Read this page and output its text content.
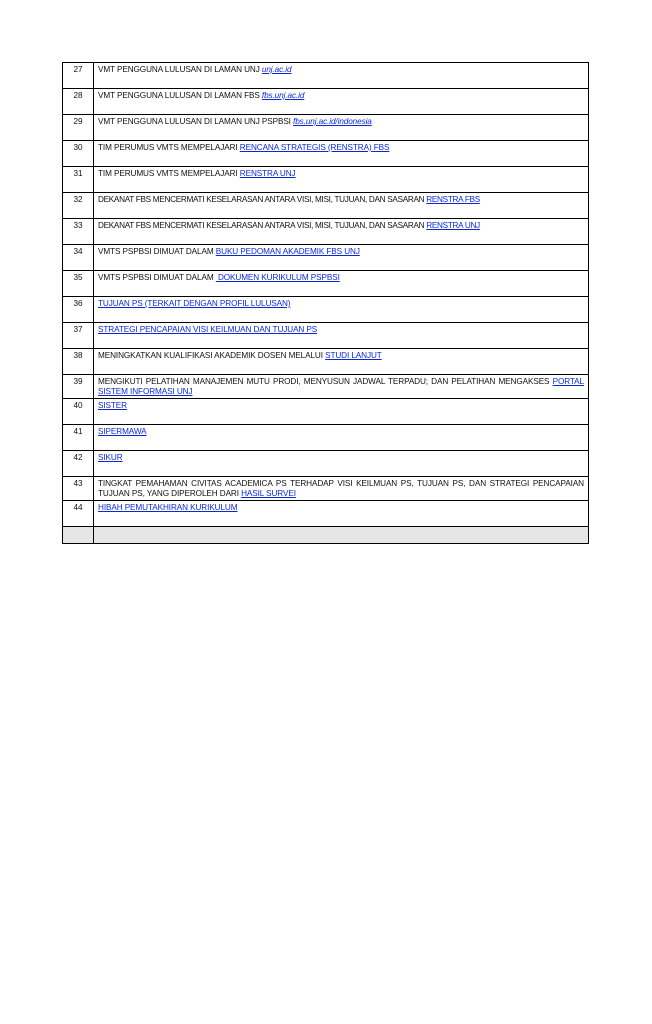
27	VMT PENGGUNA LULUSAN DI LAMAN UNJ unj.ac.id
28	VMT PENGGUNA LULUSAN DI LAMAN FBS fbs.unj.ac.id
29	VMT PENGGUNA LULUSAN DI LAMAN UNJ PSPBSI fbs.unj.ac.id/indonesia
30	TIM PERUMUS VMTS MEMPELAJARI RENCANA STRATEGIS (RENSTRA) FBS
31	TIM PERUMUS VMTS MEMPELAJARI RENSTRA UNJ
32	DEKANAT FBS MENCERMATI KESELARASAN ANTARA VISI, MISI, TUJUAN, DAN SASARAN RENSTRA FBS
33	DEKANAT FBS MENCERMATI KESELARASAN ANTARA VISI, MISI, TUJUAN, DAN SASARAN RENSTRA UNJ
34	VMTS PSPBSI DIMUAT DALAM BUKU PEDOMAN AKADEMIK FBS UNJ
35	VMTS PSPBSI DIMUAT DALAM  DOKUMEN KURIKULUM PSPBSI
36	TUJUAN PS (TERKAIT DENGAN PROFIL LULUSAN)
37	STRATEGI PENCAPAIAN VISI KEILMUAN DAN TUJUAN PS
38	MENINGKATKAN KUALIFIKASI AKADEMIK DOSEN MELALUI STUDI LANJUT
39	MENGIKUTI PELATIHAN MANAJEMEN MUTU PRODI, MENYUSUN JADWAL TERPADU; DAN PELATIHAN MENGAKSES PORTAL SISTEM INFORMASI UNJ
40	SISTER
41	SIPERMAWA
42	SIKUR
43	TINGKAT PEMAHAMAN CIVITAS ACADEMICA PS TERHADAP VISI KEILMUAN PS, TUJUAN PS, DAN STRATEGI PENCAPAIAN TUJUAN PS, YANG DIPEROLEH DARI HASIL SURVEI
44	HIBAH PEMUTAKHIRAN KURIKULUM
